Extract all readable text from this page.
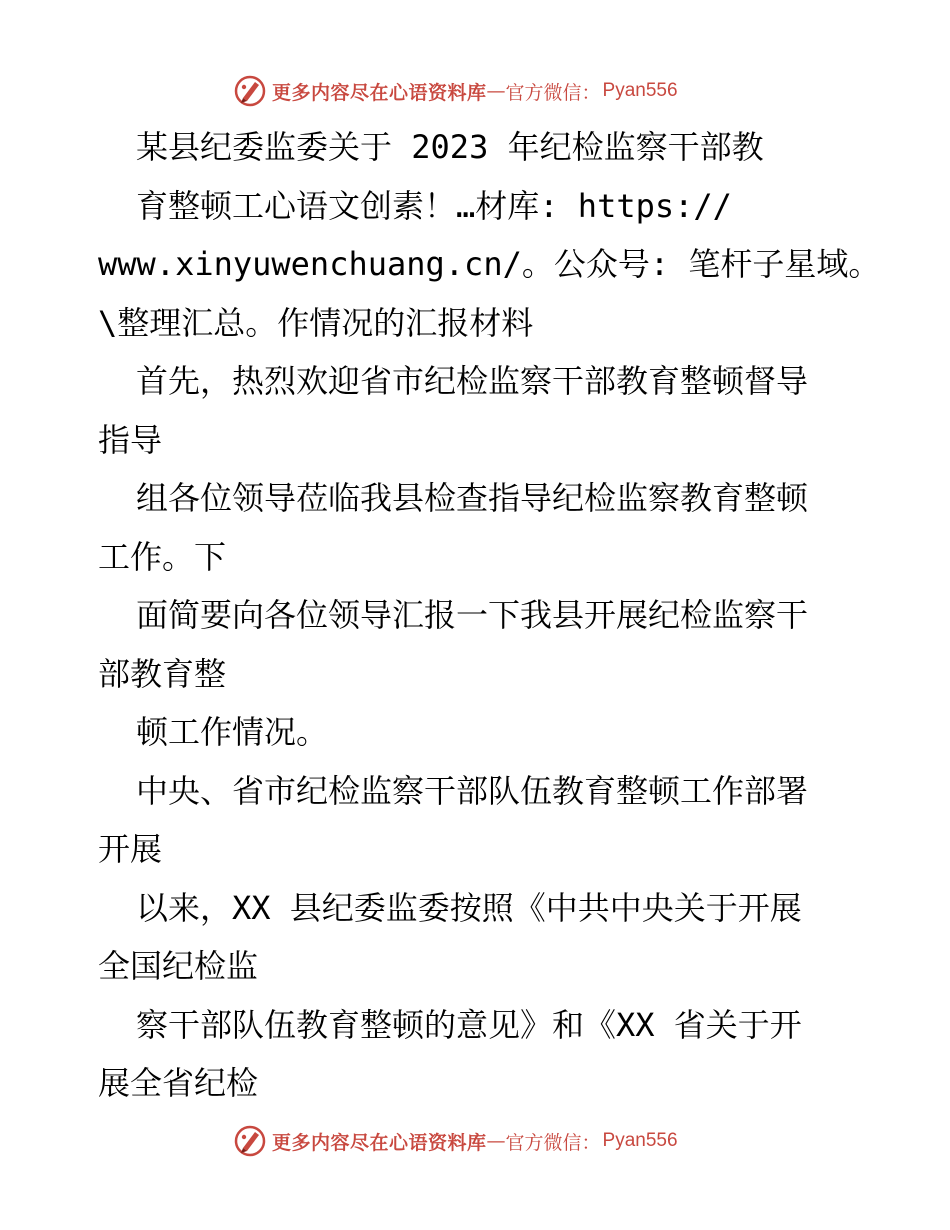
更多内容尽在心语资料库 — 官方微信： Pyan556
某县纪委监委关于 2023 年纪检监察干部教
育整顿工心语文创素！…材库: https://
www.xinyuwenchuang.cn/。公众号: 笔杆子星域。
\整理汇总。作情况的汇报材料
首先，热烈欢迎省市纪检监察干部教育整顿督导
指导
组各位领导莅临我县检查指导纪检监察教育整顿
工作。下
面简要向各位领导汇报一下我县开展纪检监察干
部教育整
顿工作情况。
中央、省市纪检监察干部队伍教育整顿工作部署
开展
以来，XX 县纪委监委按照《中共中央关于开展
全国纪检监
察干部队伍教育整顿的意见》和《XX 省关于开
展全省纪检
更多内容尽在心语资料库 — 官方微信： Pyan556
